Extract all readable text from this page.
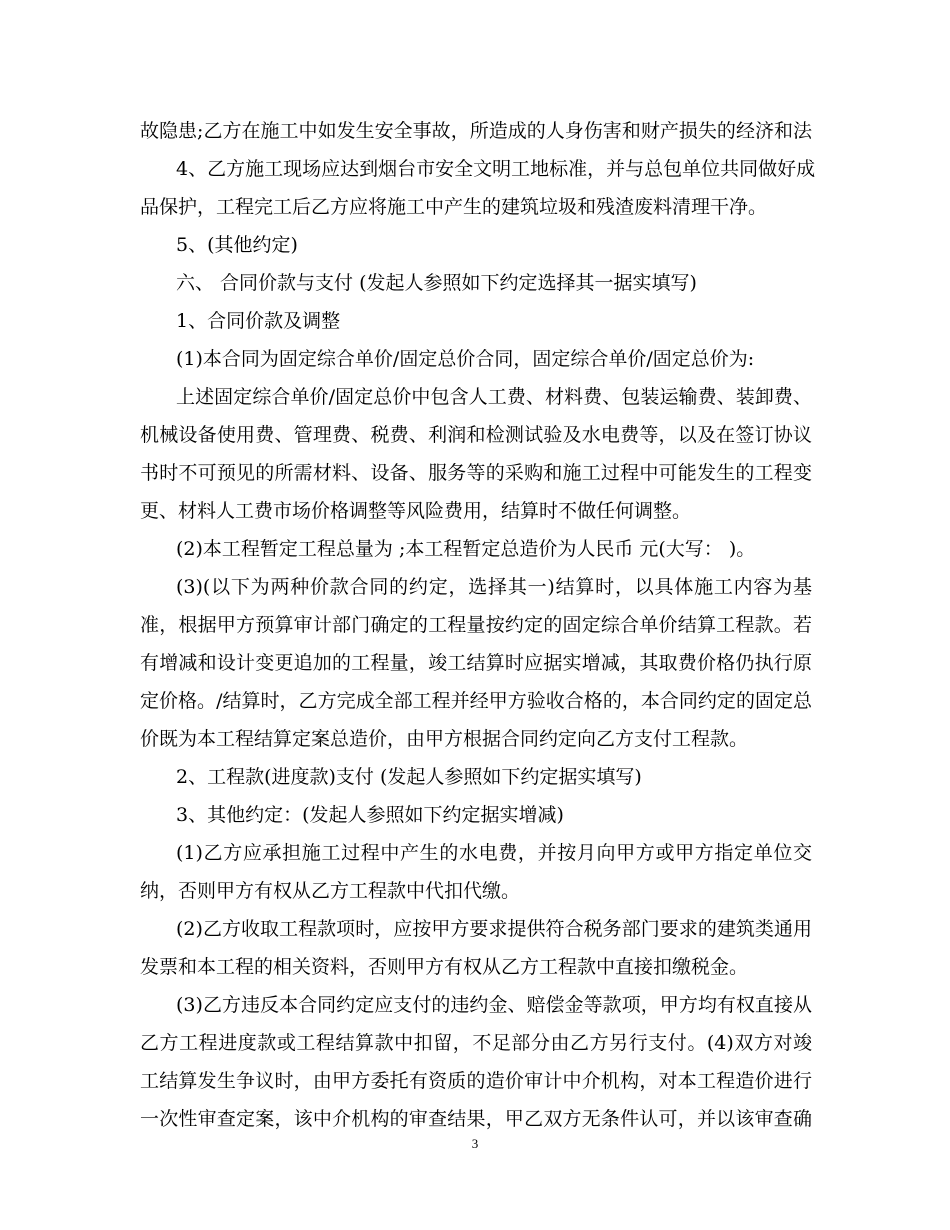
故隐患;乙方在施工中如发生安全事故，所造成的人身伤害和财产损失的经济和法
4、乙方施工现场应达到烟台市安全文明工地标准，并与总包单位共同做好成
品保护，工程完工后乙方应将施工中产生的建筑垃圾和残渣废料清理干净。
5、(其他约定)
六、 合同价款与支付 (发起人参照如下约定选择其一据实填写)
1、合同价款及调整
(1)本合同为固定综合单价/固定总价合同，固定综合单价/固定总价为:
上述固定综合单价/固定总价中包含人工费、材料费、包装运输费、装卸费、
机械设备使用费、管理费、税费、利润和检测试验及水电费等，以及在签订协议
书时不可预见的所需材料、设备、服务等的采购和施工过程中可能发生的工程变
更、材料人工费市场价格调整等风险费用，结算时不做任何调整。
(2)本工程暂定工程总量为 ;本工程暂定总造价为人民币 元(大写： )。
(3)(以下为两种价款合同的约定，选择其一)结算时，以具体施工内容为基
准，根据甲方预算审计部门确定的工程量按约定的固定综合单价结算工程款。若
有增减和设计变更追加的工程量，竣工结算时应据实增减，其取费价格仍执行原
定价格。/结算时，乙方完成全部工程并经甲方验收合格的，本合同约定的固定总
价既为本工程结算定案总造价，由甲方根据合同约定向乙方支付工程款。
2、工程款(进度款)支付 (发起人参照如下约定据实填写)
3、其他约定：(发起人参照如下约定据实增减)
(1)乙方应承担施工过程中产生的水电费，并按月向甲方或甲方指定单位交
纳，否则甲方有权从乙方工程款中代扣代缴。
(2)乙方收取工程款项时，应按甲方要求提供符合税务部门要求的建筑类通用
发票和本工程的相关资料，否则甲方有权从乙方工程款中直接扣缴税金。
(3)乙方违反本合同约定应支付的违约金、赔偿金等款项，甲方均有权直接从
乙方工程进度款或工程结算款中扣留，不足部分由乙方另行支付。(4)双方对竣
工结算发生争议时，由甲方委托有资质的造价审计中介机构，对本工程造价进行
一次性审查定案，该中介机构的审查结果，甲乙双方无条件认可，并以该审查确
3
